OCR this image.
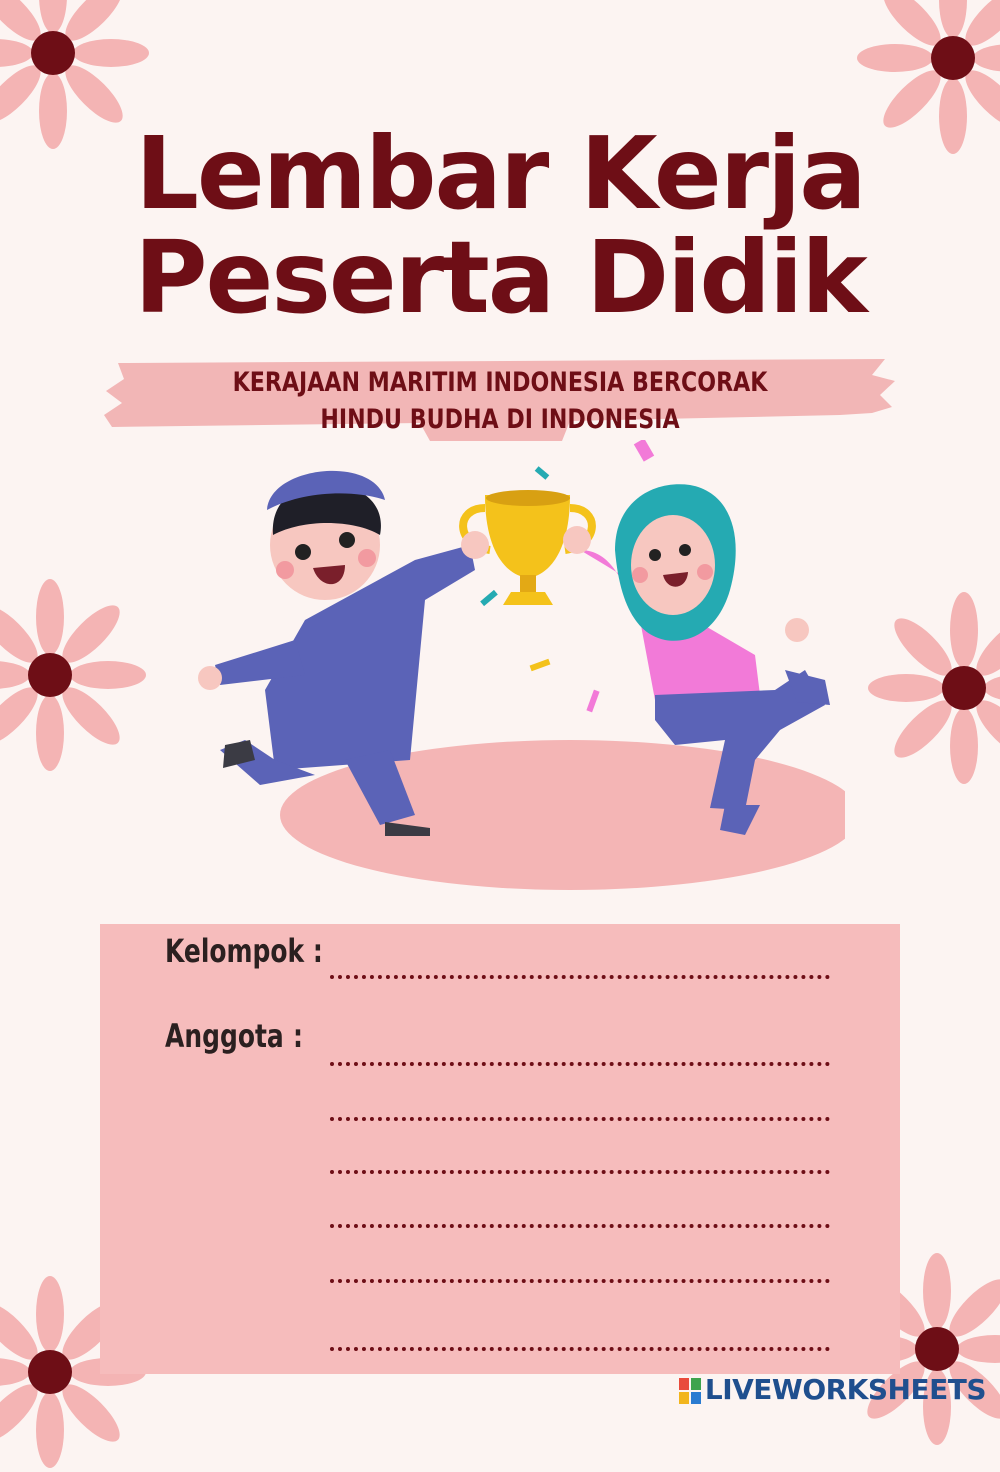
Lembar Kerja
Peserta Didik
KERAJAAN MARITIM INDONESIA BERCORAK HINDU BUDHA DI INDONESIA
Kelompok :
Anggota :
LIVEWORKSHEETS
